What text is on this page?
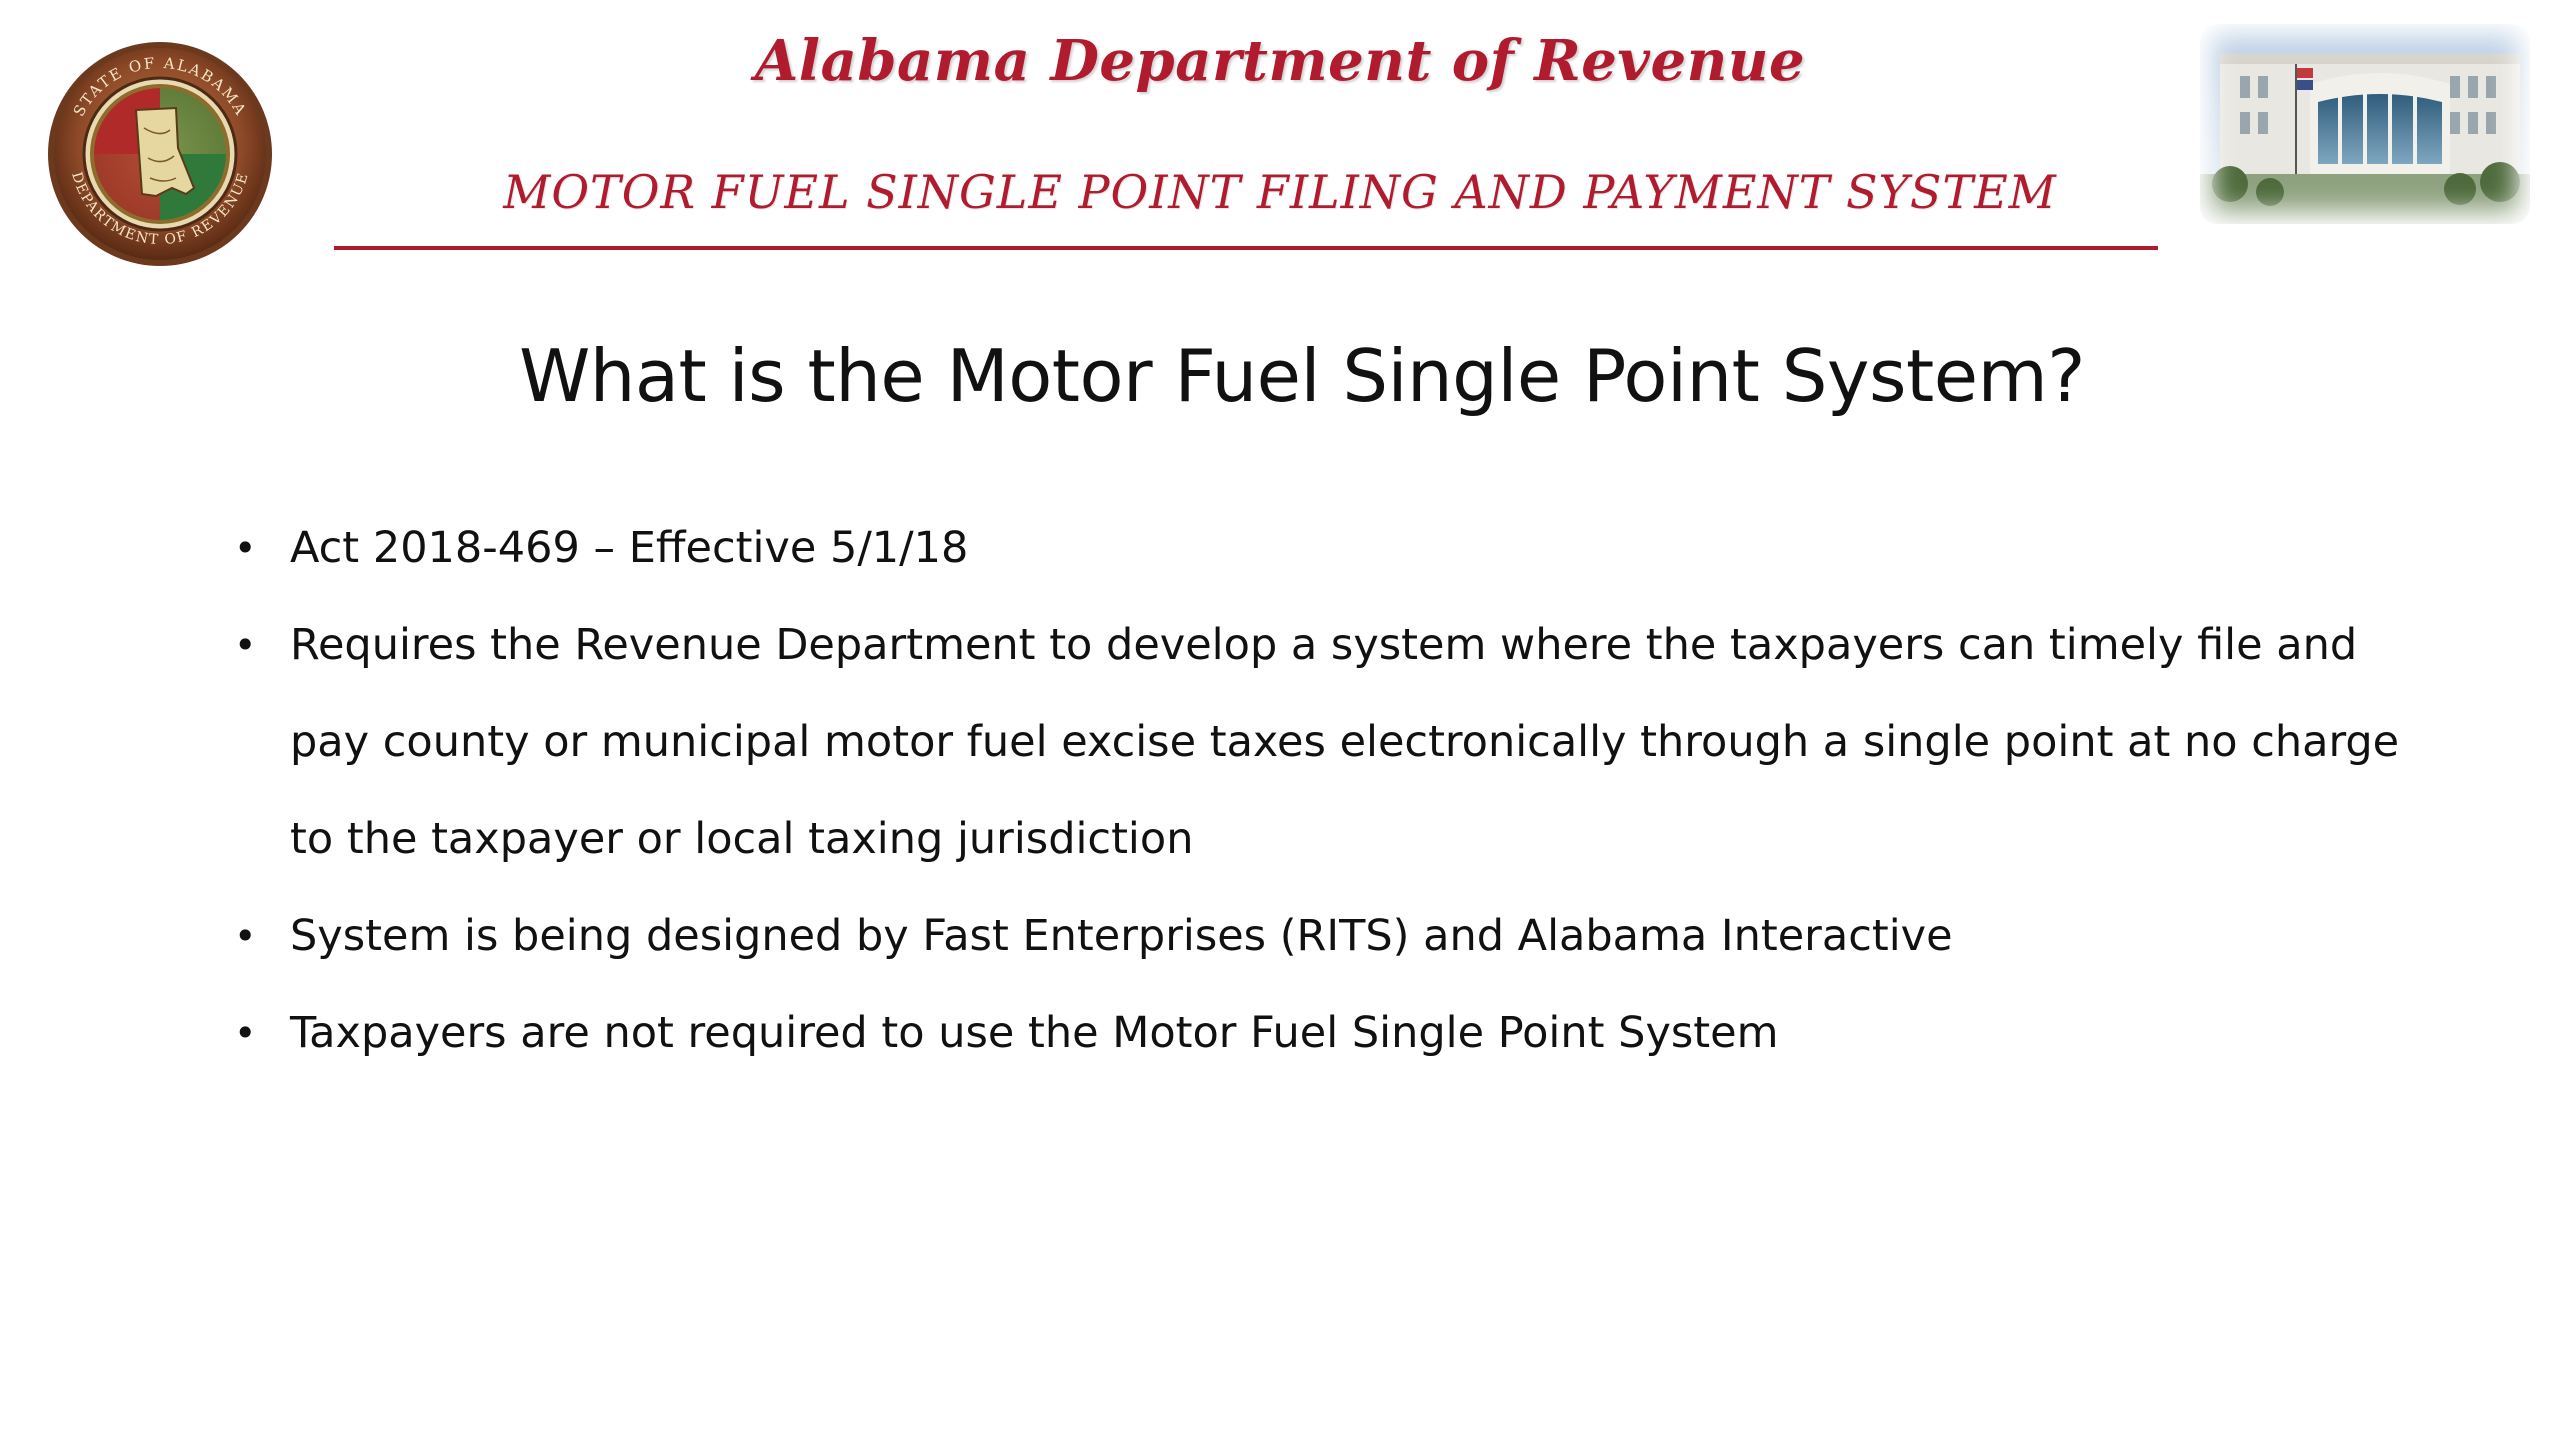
STATE OF ALABAMA
DEPARTMENT OF REVENUE
Alabama Department of Revenue
MOTOR FUEL SINGLE POINT FILING AND PAYMENT SYSTEM
What is the Motor Fuel Single Point System?
• Act 2018-469 – Effective 5/1/18
• Requires the Revenue Department to develop a system where the taxpayers can timely file and pay county or municipal motor fuel excise taxes electronically through a single point at no charge to the taxpayer or local taxing jurisdiction
• System is being designed by Fast Enterprises (RITS) and Alabama Interactive
• Taxpayers are not required to use the Motor Fuel Single Point System
